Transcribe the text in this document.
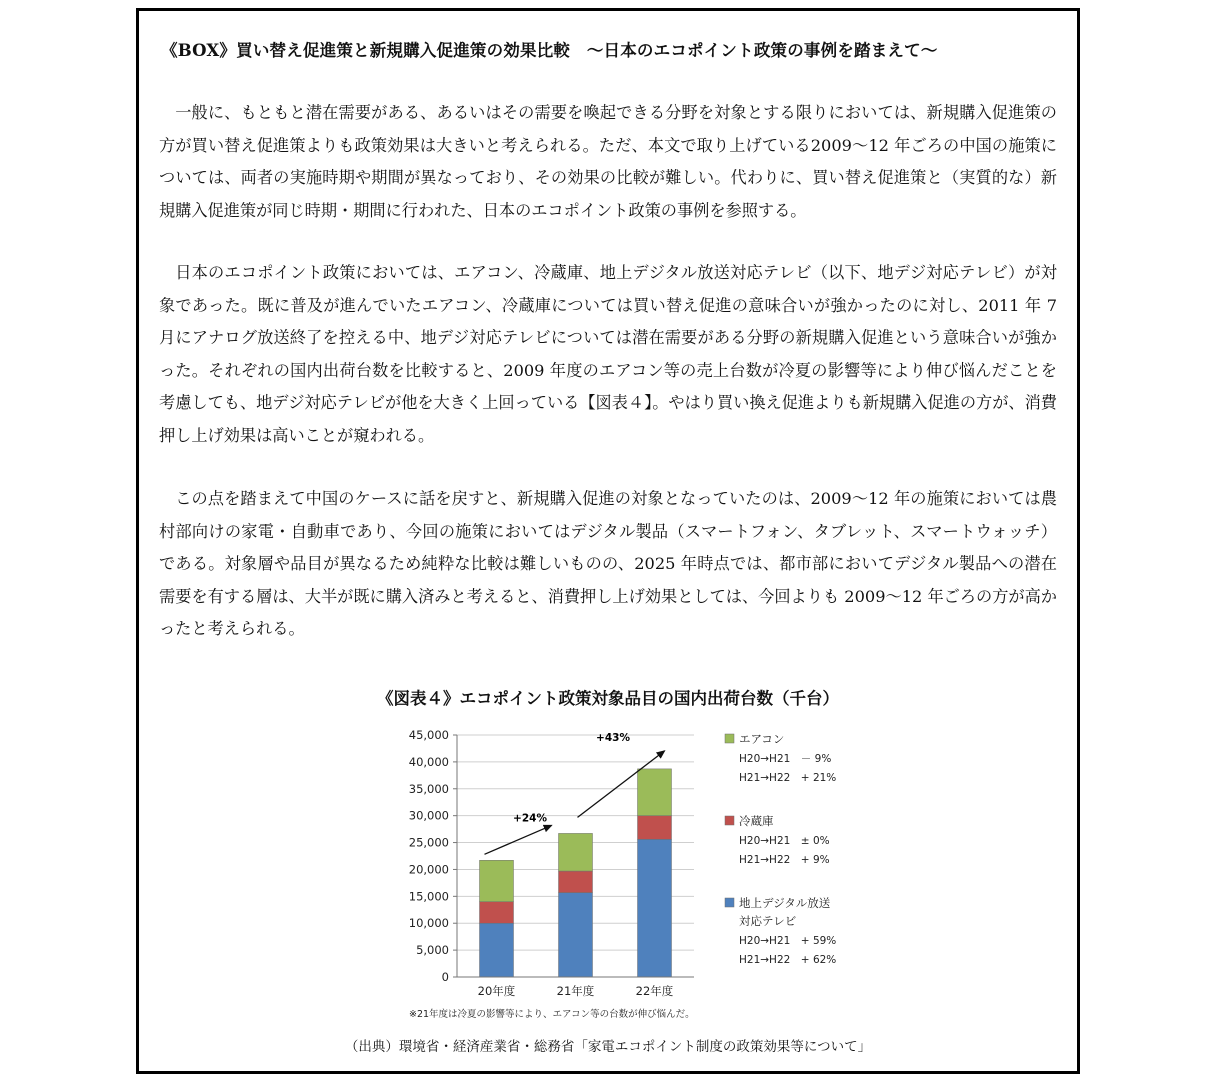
《BOX》買い替え促進策と新規購入促進策の効果比較　〜日本のエコポイント政策の事例を踏まえて〜
一般に、もともと潜在需要がある、あるいはその需要を喚起できる分野を対象とする限りにおいては、新規購入促進策の方が買い替え促進策よりも政策効果は大きいと考えられる。ただ、本文で取り上げている2009〜12 年ごろの中国の施策については、両者の実施時期や期間が異なっており、その効果の比較が難しい。代わりに、買い替え促進策と（実質的な）新規購入促進策が同じ時期・期間に行われた、日本のエコポイント政策の事例を参照する。
日本のエコポイント政策においては、エアコン、冷蔵庫、地上デジタル放送対応テレビ（以下、地デジ対応テレビ）が対象であった。既に普及が進んでいたエアコン、冷蔵庫については買い替え促進の意味合いが強かったのに対し、2011 年 7 月にアナログ放送終了を控える中、地デジ対応テレビについては潜在需要がある分野の新規購入促進という意味合いが強かった。それぞれの国内出荷台数を比較すると、2009 年度のエアコン等の売上台数が冷夏の影響等により伸び悩んだことを考慮しても、地デジ対応テレビが他を大きく上回っている【図表４】。やはり買い換え促進よりも新規購入促進の方が、消費押し上げ効果は高いことが窺われる。
この点を踏まえて中国のケースに話を戻すと、新規購入促進の対象となっていたのは、2009〜12 年の施策においては農村部向けの家電・自動車であり、今回の施策においてはデジタル製品（スマートフォン、タブレット、スマートウォッチ）である。対象層や品目が異なるため純粋な比較は難しいものの、2025 年時点では、都市部においてデジタル製品への潜在需要を有する層は、大半が既に購入済みと考えると、消費押し上げ効果としては、今回よりも 2009〜12 年ごろの方が高かったと考えられる。
《図表４》エコポイント政策対象品目の国内出荷台数（千台）
0
5,000
10,000
15,000
20,000
25,000
30,000
35,000
40,000
45,000
20年度	21年度	22年度
+24%
+43%
※21年度は冷夏の影響等により、エアコン等の台数が伸び悩んだ。
エアコン
H20→H21　－ 9%
H21→H22　+ 21%
冷蔵庫
H20→H21　± 0%
H21→H22　+ 9%
地上デジタル放送
対応テレビ
H20→H21　+ 59%
H21→H22　+ 62%
（出典）環境省・経済産業省・総務省「家電エコポイント制度の政策効果等について」
